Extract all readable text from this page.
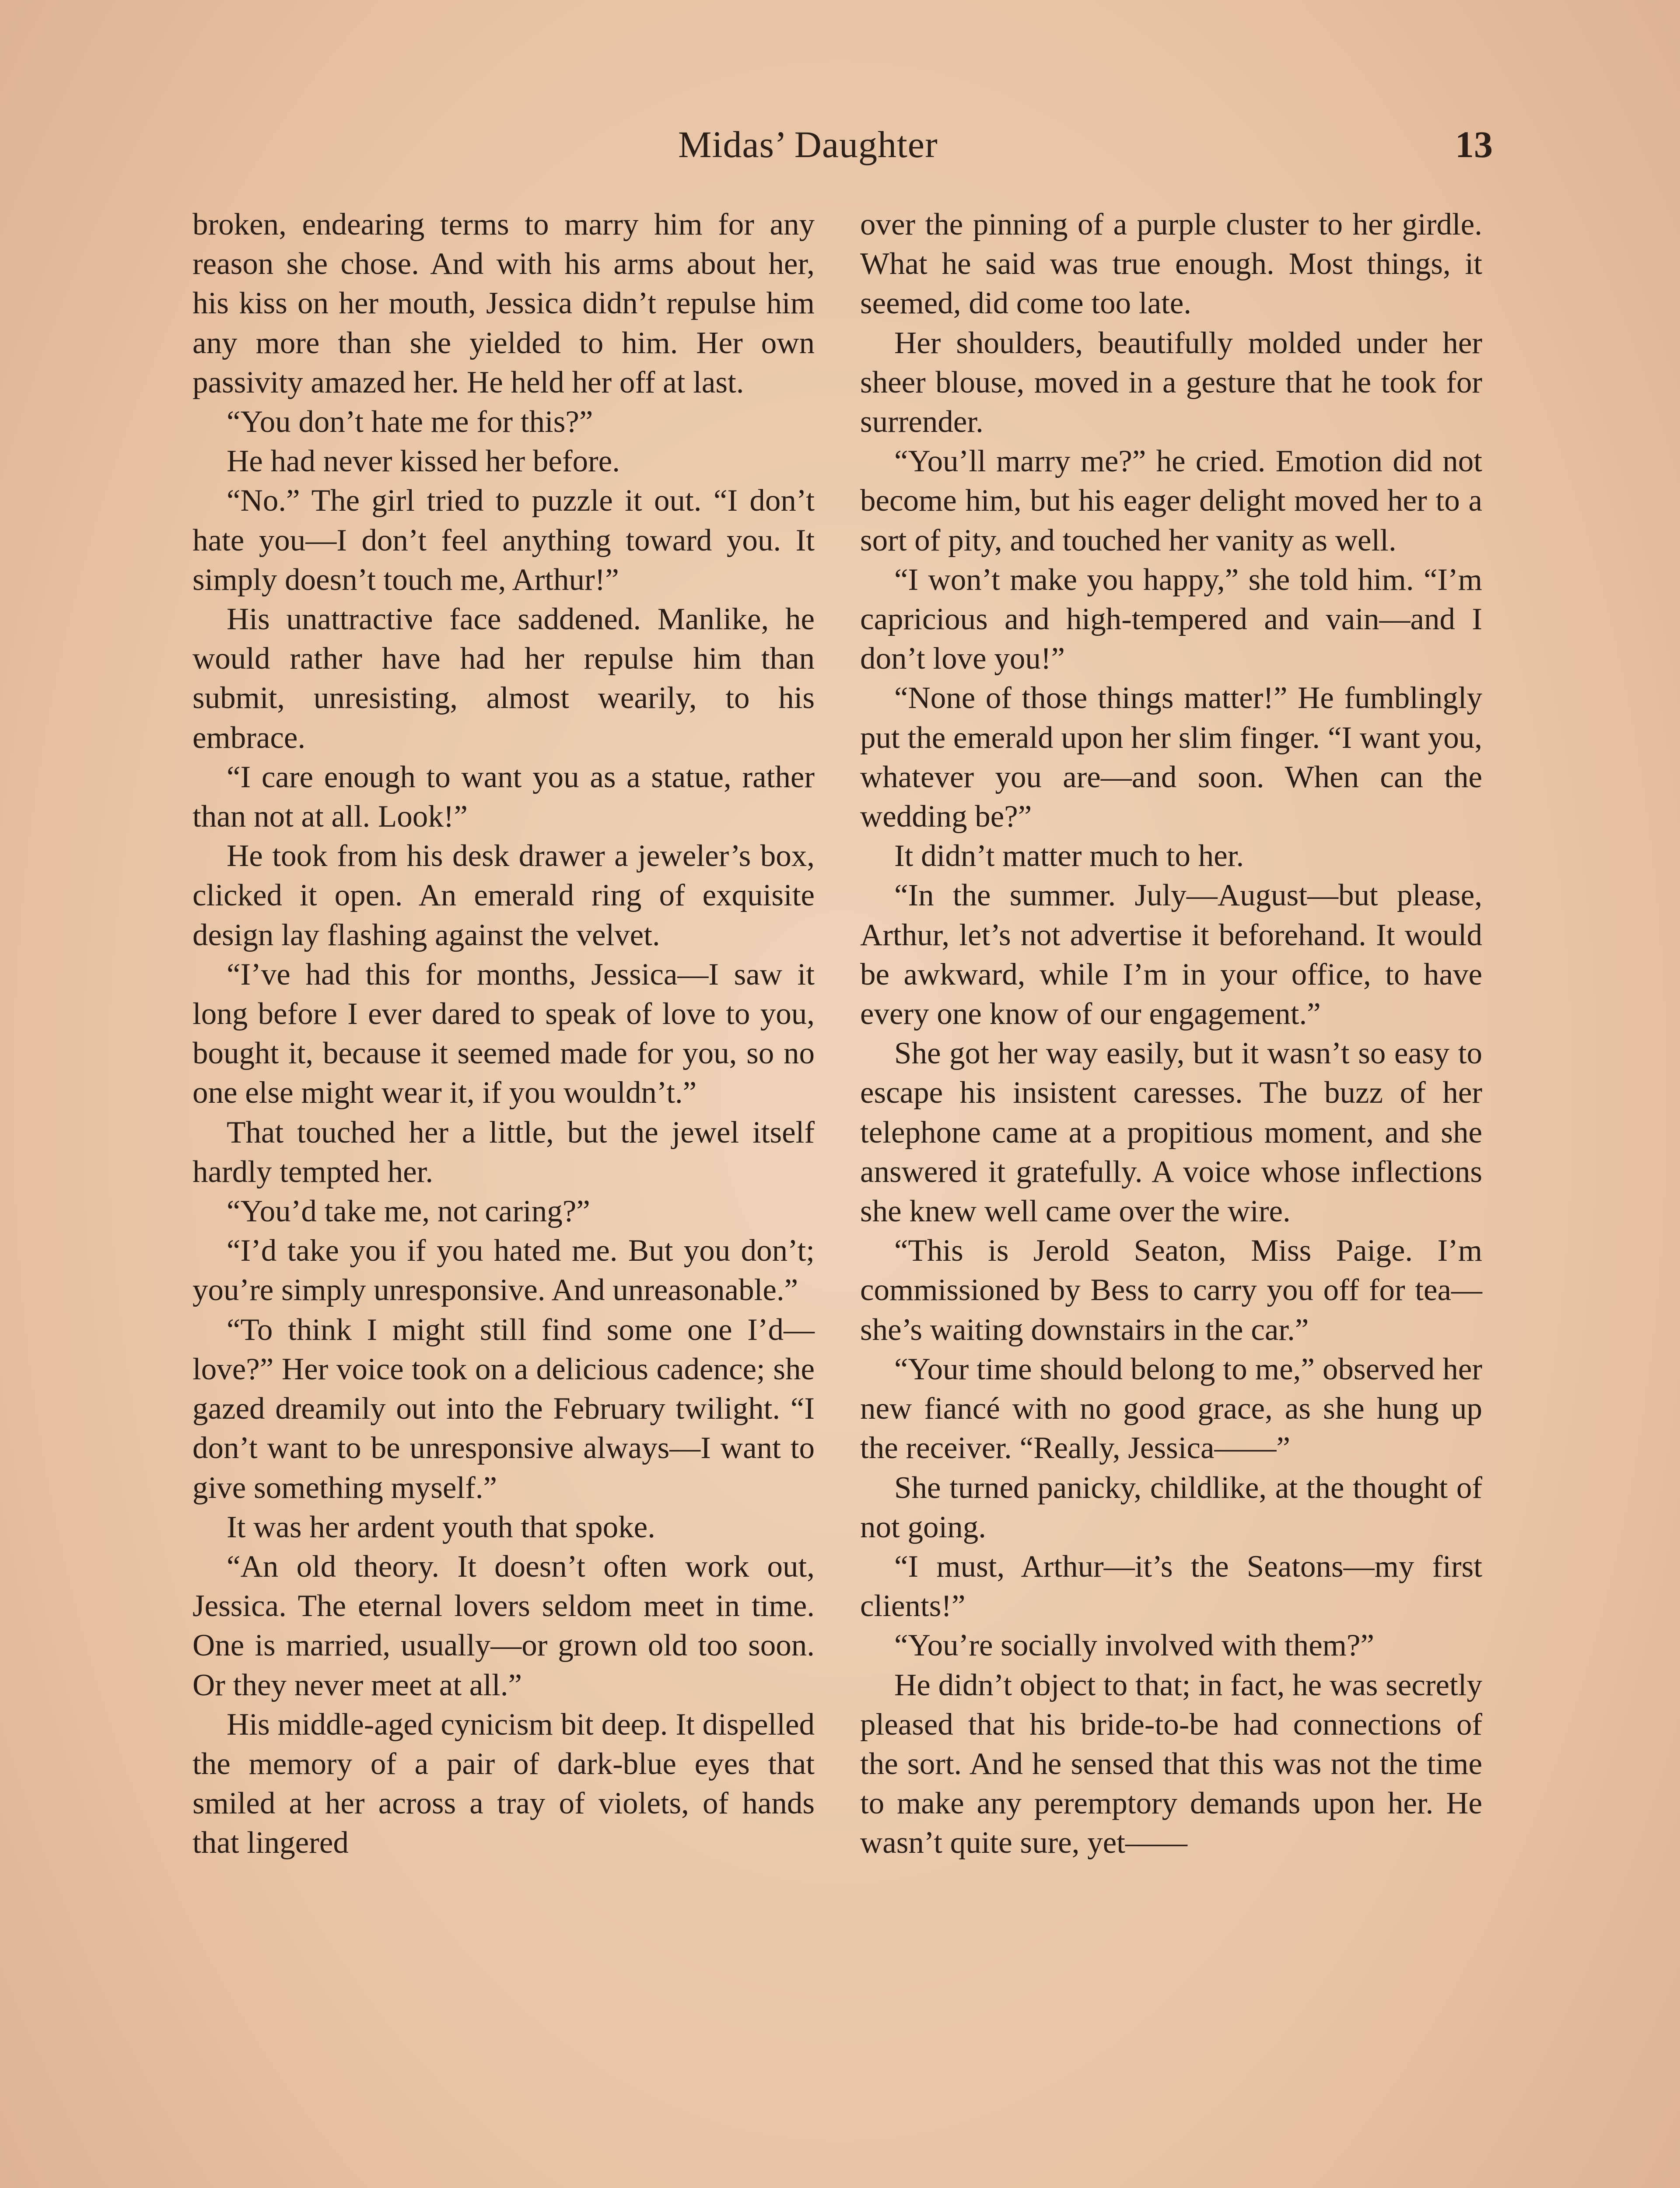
Midas’ Daughter	13

broken, endearing terms to marry him for any reason she chose. And with his arms about her, his kiss on her mouth, Jessica didn’t repulse him any more than she yielded to him. Her own passivity amazed her. He held her off at last.

“You don’t hate me for this?”

He had never kissed her before.

“No.” The girl tried to puzzle it out. “I don’t hate you—I don’t feel anything toward you. It simply doesn’t touch me, Arthur!”

His unattractive face saddened. Manlike, he would rather have had her repulse him than submit, unresisting, almost wearily, to his embrace.

“I care enough to want you as a statue, rather than not at all. Look!”

He took from his desk drawer a jeweler’s box, clicked it open. An emerald ring of exquisite design lay flashing against the velvet.

“I’ve had this for months, Jessica—I saw it long before I ever dared to speak of love to you, bought it, because it seemed made for you, so no one else might wear it, if you wouldn’t.”

That touched her a little, but the jewel itself hardly tempted her.

“You’d take me, not caring?”

“I’d take you if you hated me. But you don’t; you’re simply unresponsive. And unreasonable.”

“To think I might still find some one I’d—love?” Her voice took on a delicious cadence; she gazed dreamily out into the February twilight. “I don’t want to be unresponsive always—I want to give something myself.”

It was her ardent youth that spoke.

“An old theory. It doesn’t often work out, Jessica. The eternal lovers seldom meet in time. One is married, usually—or grown old too soon. Or they never meet at all.”

His middle-aged cynicism bit deep. It dispelled the memory of a pair of dark-blue eyes that smiled at her across a tray of violets, of hands that lingered

over the pinning of a purple cluster to her girdle. What he said was true enough. Most things, it seemed, did come too late.

Her shoulders, beautifully molded under her sheer blouse, moved in a gesture that he took for surrender.

“You’ll marry me?” he cried. Emotion did not become him, but his eager delight moved her to a sort of pity, and touched her vanity as well.

“I won’t make you happy,” she told him. “I’m capricious and high-tempered and vain—and I don’t love you!”

“None of those things matter!” He fumblingly put the emerald upon her slim finger. “I want you, whatever you are—and soon. When can the wedding be?”

It didn’t matter much to her.

“In the summer. July—August—but please, Arthur, let’s not advertise it beforehand. It would be awkward, while I’m in your office, to have every one know of our engagement.”

She got her way easily, but it wasn’t so easy to escape his insistent caresses. The buzz of her telephone came at a propitious moment, and she answered it gratefully. A voice whose inflections she knew well came over the wire.

“This is Jerold Seaton, Miss Paige. I’m commissioned by Bess to carry you off for tea—she’s waiting downstairs in the car.”

“Your time should belong to me,” observed her new fiancé with no good grace, as she hung up the receiver. “Really, Jessica——”

She turned panicky, childlike, at the thought of not going.

“I must, Arthur—it’s the Seatons—my first clients!”

“You’re socially involved with them?”

He didn’t object to that; in fact, he was secretly pleased that his bride-to-be had connections of the sort. And he sensed that this was not the time to make any peremptory demands upon her. He wasn’t quite sure, yet——
